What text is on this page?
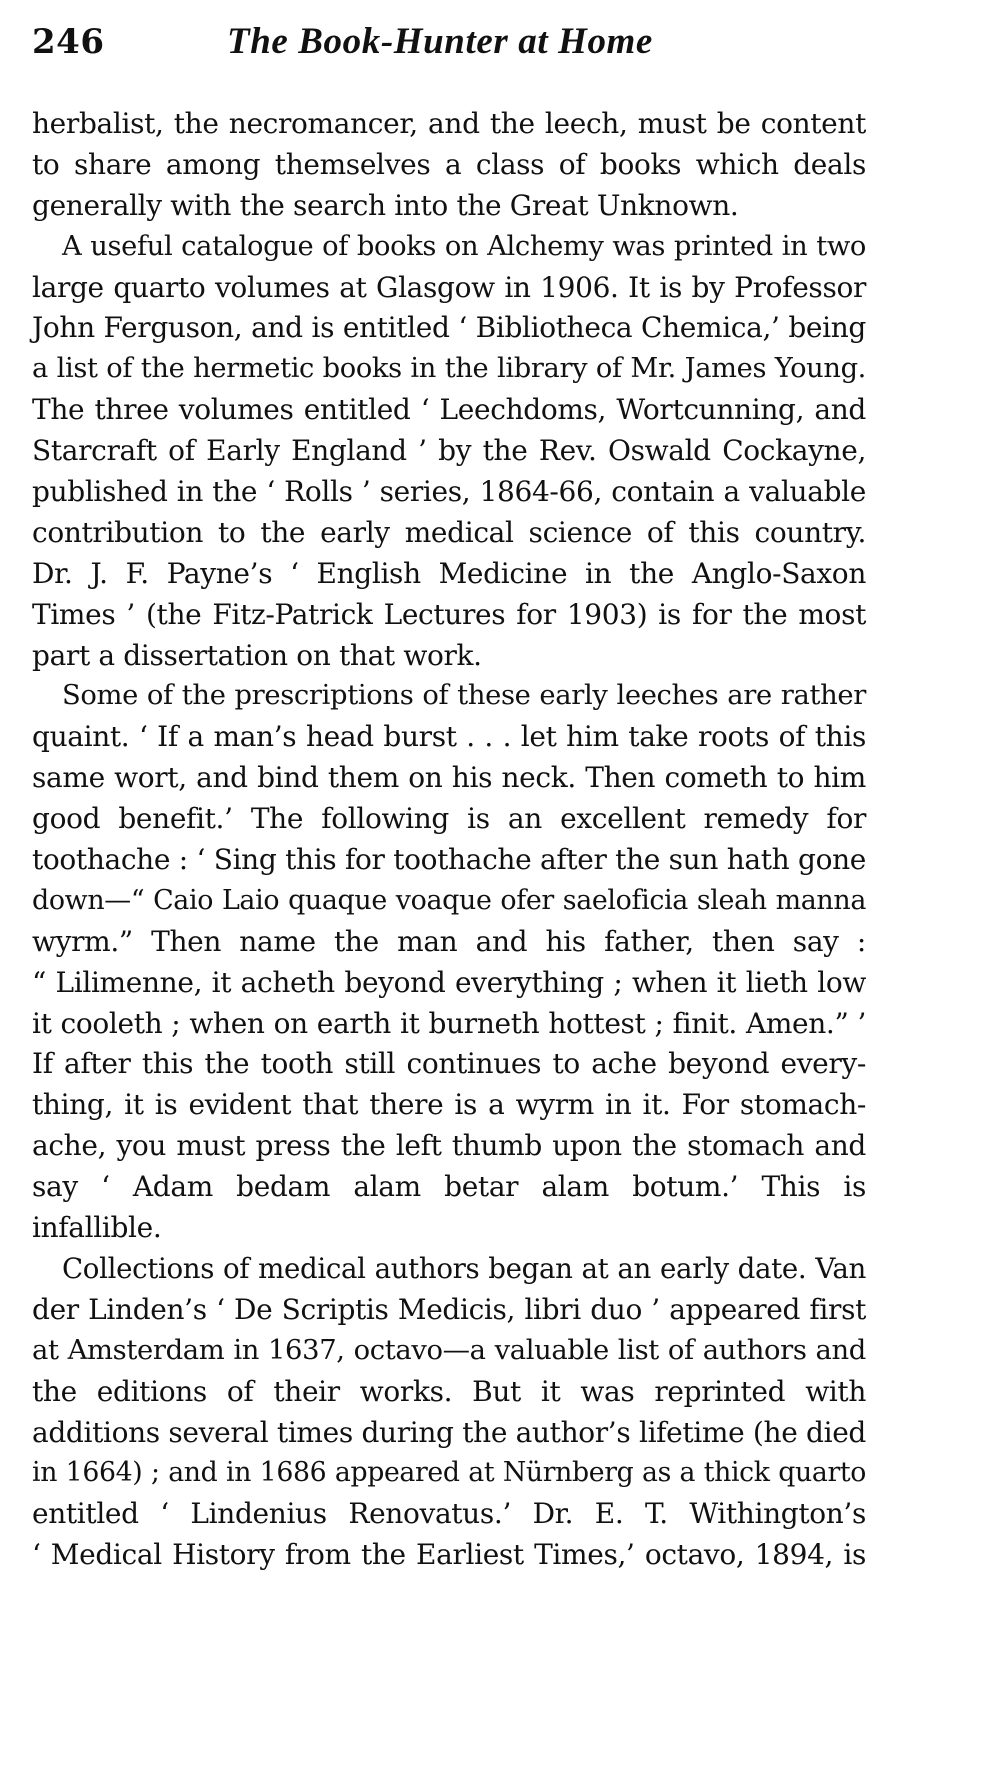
246	The Book-Hunter at Home
herbalist, the necromancer, and the leech, must be content
to share among themselves a class of books which deals
generally with the search into the Great Unknown.
A useful catalogue of books on Alchemy was printed in two
large quarto volumes at Glasgow in 1906. It is by Professor
John Ferguson, and is entitled ‘ Bibliotheca Chemica,’ being
a list of the hermetic books in the library of Mr. James Young.
The three volumes entitled ‘ Leechdoms, Wortcunning, and
Starcraft of Early England ’ by the Rev. Oswald Cockayne,
published in the ‘ Rolls ’ series, 1864-66, contain a valuable
contribution to the early medical science of this country.
Dr. J. F. Payne’s ‘ English Medicine in the Anglo-Saxon
Times ’ (the Fitz-Patrick Lectures for 1903) is for the most
part a dissertation on that work.
Some of the prescriptions of these early leeches are rather
quaint. ‘ If a man’s head burst . . . let him take roots of this
same wort, and bind them on his neck. Then cometh to him
good benefit.’ The following is an excellent remedy for
toothache : ‘ Sing this for toothache after the sun hath gone
down—“ Caio Laio quaque voaque ofer saeloficia sleah manna
wyrm.” Then name the man and his father, then say :
“ Lilimenne, it acheth beyond everything ; when it lieth low
it cooleth ; when on earth it burneth hottest ; finit. Amen.” ’
If after this the tooth still continues to ache beyond every-
thing, it is evident that there is a wyrm in it. For stomach-
ache, you must press the left thumb upon the stomach and
say ‘ Adam bedam alam betar alam botum.’ This is
infallible.
Collections of medical authors began at an early date. Van
der Linden’s ‘ De Scriptis Medicis, libri duo ’ appeared first
at Amsterdam in 1637, octavo—a valuable list of authors and
the editions of their works. But it was reprinted with
additions several times during the author’s lifetime (he died
in 1664) ; and in 1686 appeared at Nürnberg as a thick quarto
entitled ‘ Lindenius Renovatus.’ Dr. E. T. Withington’s
‘ Medical History from the Earliest Times,’ octavo, 1894, is
